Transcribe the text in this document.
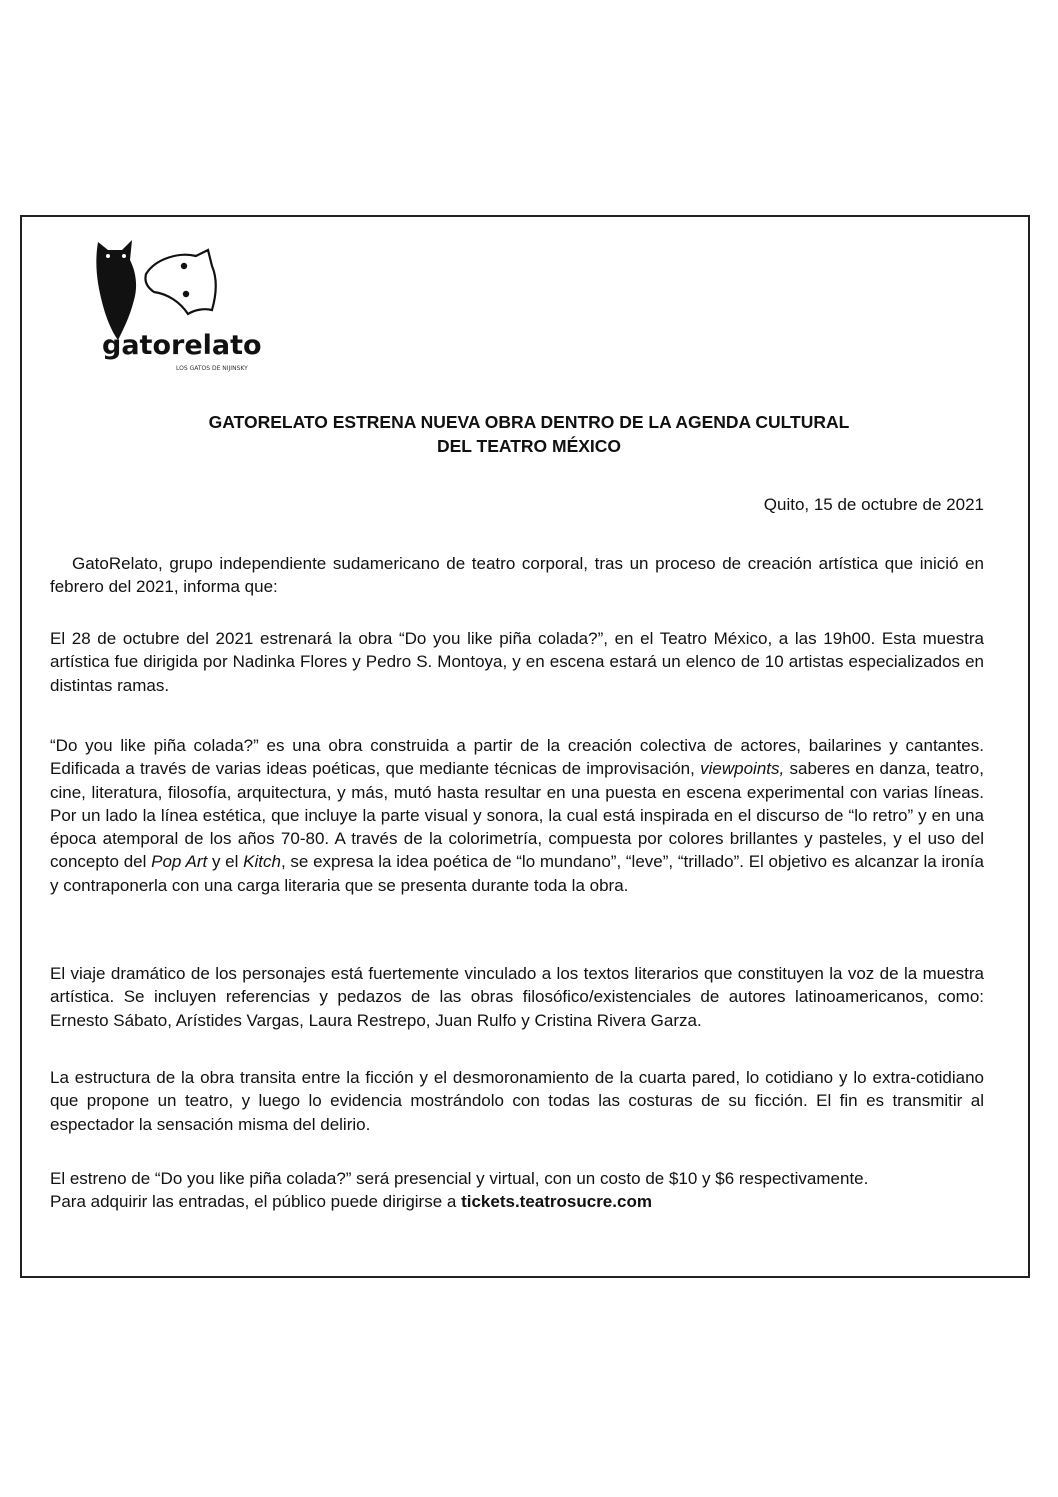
gatorelato
LOS GATOS DE NIJINSKY
GATORELATO ESTRENA NUEVA OBRA DENTRO DE LA AGENDA CULTURAL
DEL TEATRO MÉXICO

Quito, 15 de octubre de 2021

GatoRelato, grupo independiente sudamericano de teatro corporal, tras un proceso de creación artística que inició en febrero del 2021, informa que:

El 28 de octubre del 2021 estrenará la obra “Do you like piña colada?”, en el Teatro México, a las 19h00. Esta muestra artística fue dirigida por Nadinka Flores y Pedro S. Montoya, y en escena estará un elenco de 10 artistas especializados en distintas ramas.

“Do you like piña colada?” es una obra construida a partir de la creación colectiva de actores, bailarines y cantantes. Edificada a través de varias ideas poéticas, que mediante técnicas de improvisación, viewpoints, saberes en danza, teatro, cine, literatura, filosofía, arquitectura, y más, mutó hasta resultar en una puesta en escena experimental con varias líneas. Por un lado la línea estética, que incluye la parte visual y sonora, la cual está inspirada en el discurso de “lo retro” y en una época atemporal de los años 70-80. A través de la colorimetría, compuesta por colores brillantes y pasteles, y el uso del concepto del Pop Art y el Kitch, se expresa la idea poética de “lo mundano”, “leve”, “trillado”. El objetivo es alcanzar la ironía y contraponerla con una carga literaria que se presenta durante toda la obra.

El viaje dramático de los personajes está fuertemente vinculado a los textos literarios que constituyen la voz de la muestra artística. Se incluyen referencias y pedazos de las obras filosófico/existenciales de autores latinoamericanos, como: Ernesto Sábato, Arístides Vargas, Laura Restrepo, Juan Rulfo y Cristina Rivera Garza.

La estructura de la obra transita entre la ficción y el desmoronamiento de la cuarta pared, lo cotidiano y lo extra-cotidiano que propone un teatro, y luego lo evidencia mostrándolo con todas las costuras de su ficción. El fin es transmitir al espectador la sensación misma del delirio.

El estreno de “Do you like piña colada?” será presencial y virtual, con un costo de $10 y $6 respectivamente.
Para adquirir las entradas, el público puede dirigirse a tickets.teatrosucre.com
